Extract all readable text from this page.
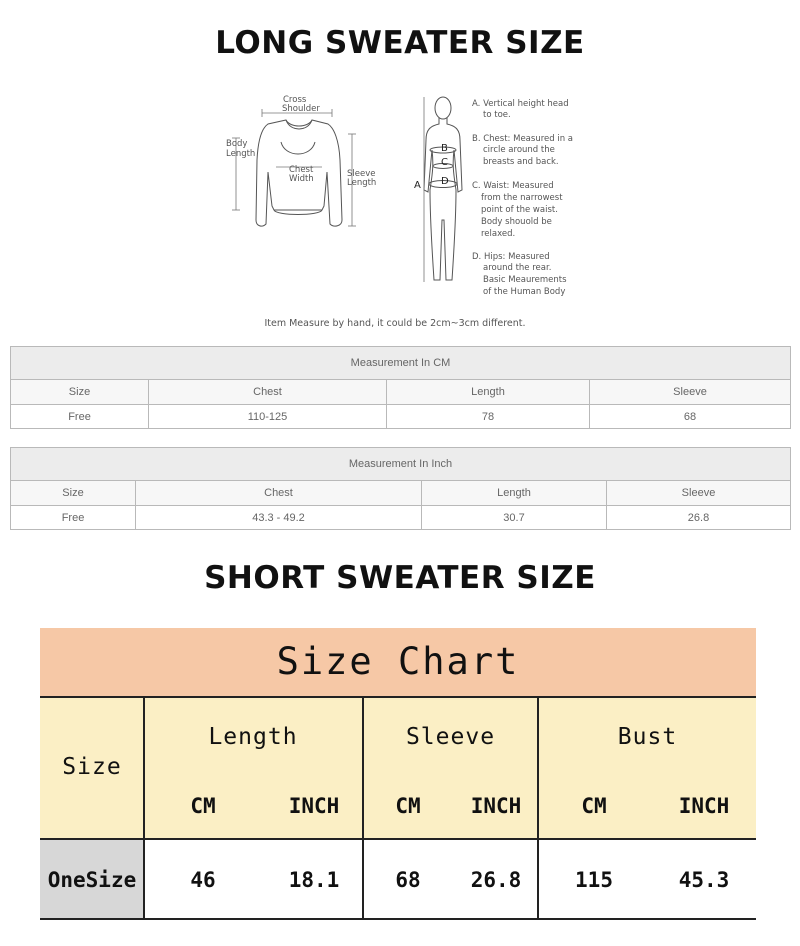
LONG SWEATER SIZE
Cross
Shoulder
Body
Length
Chest
Width	Sleeve
Length	A
B
C
D
A. Vertical height head
to toe.
B. Chest: Measured in a
circle around the
breasts and back.
C. Waist: Measured
from the narrowest
point of the waist.
Body shouold be
relaxed.
D. Hips: Measured
around the rear.
Basic Meaurements
of the Human Body
Item Measure by hand, it could be 2cm~3cm different.
Measurement In CM			
Size	Chest	Length	Sleeve
Free	110-125	78	68
Measurement In Inch			
Size	Chest	Length	Sleeve
Free	43.3 - 49.2	30.7	26.8
SHORT SWEATER SIZE
Size Chart
Size
Length	Sleeve	Bust
CM	INCH	CM	INCH	CM	INCH
OneSize	46	18.1	68	26.8	115	45.3
